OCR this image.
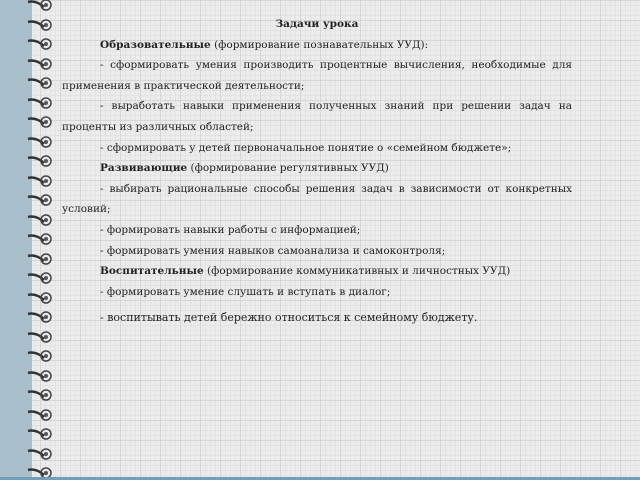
Задачи урока

Образовательные (формирование познавательных УУД):

- сформировать умения производить процентные вычисления, необходимые для применения в практической деятельности;

- выработать навыки применения полученных знаний при решении задач на проценты из различных областей;

- сформировать у детей первоначальное понятие о «семейном бюджете»;

Развивающие (формирование регулятивных УУД)

- выбирать рациональные способы решения задач в зависимости от конкретных условий;

- формировать навыки работы с информацией;

- формировать умения навыков самоанализа и самоконтроля;

Воспитательные (формирование коммуникативных и личностных УУД)

- формировать умение слушать и вступать в диалог;

- воспитывать детей бережно относиться к семейному бюджету.
